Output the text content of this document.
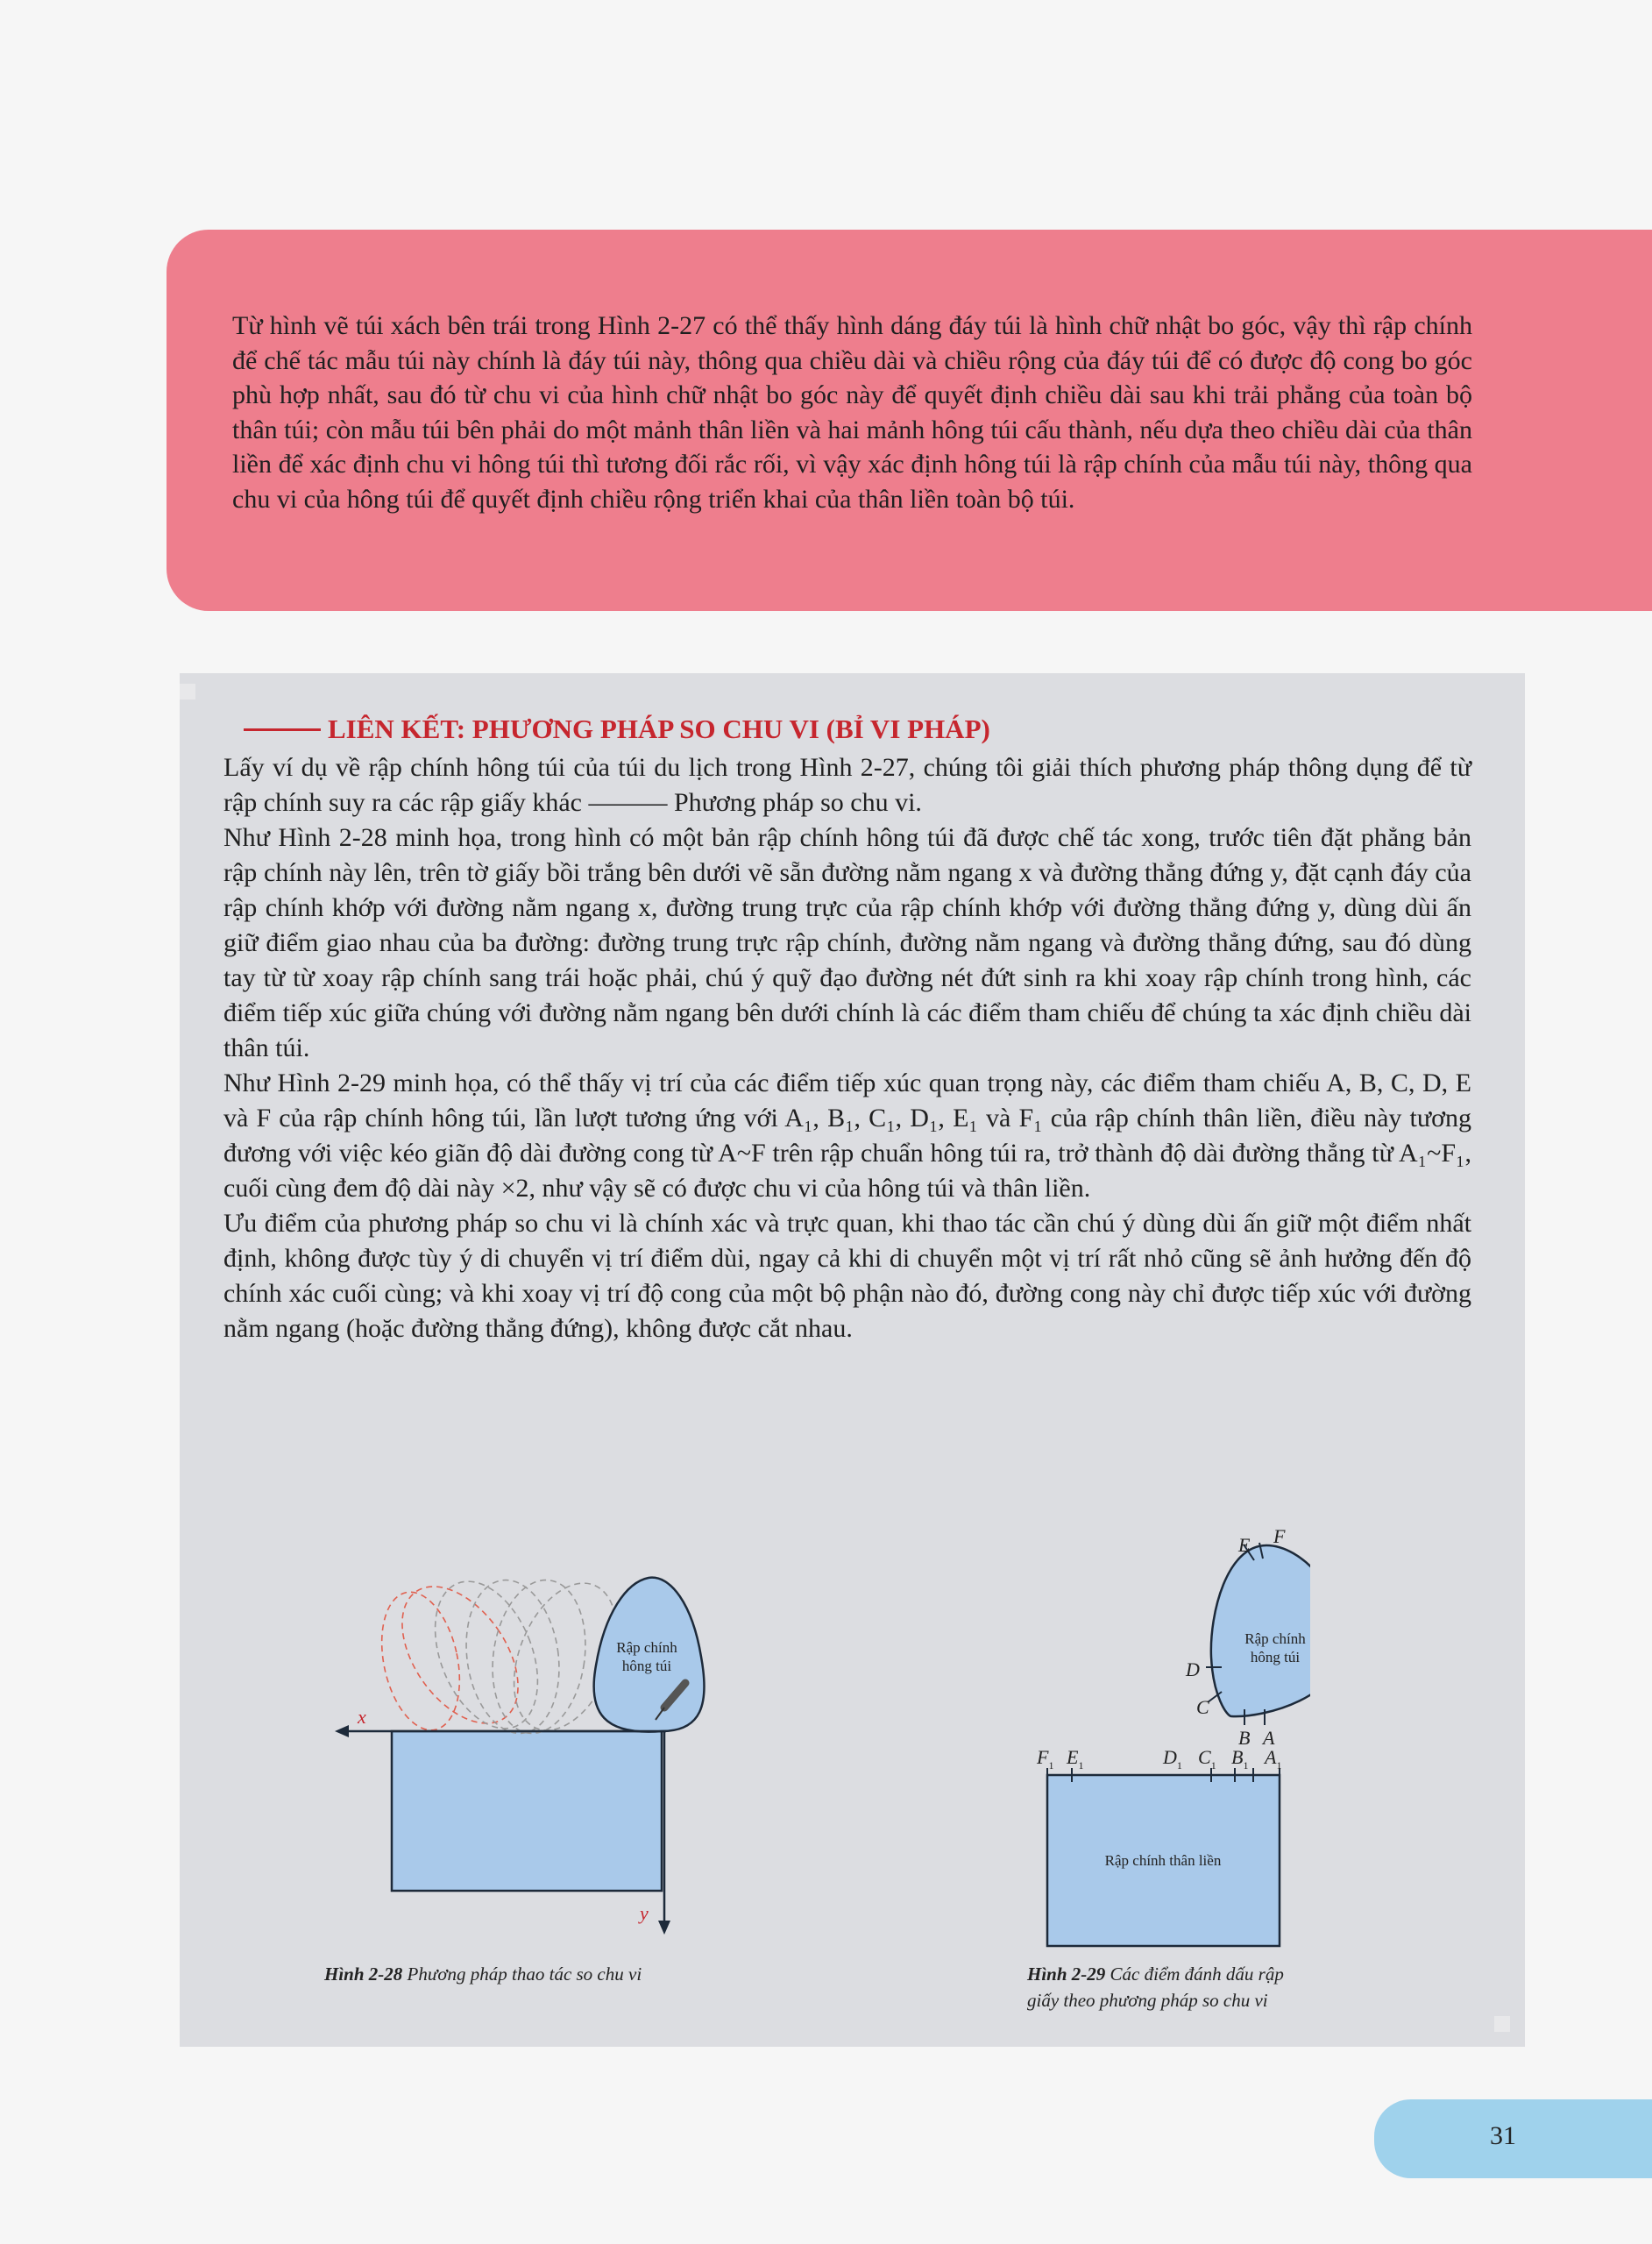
Từ hình vẽ túi xách bên trái trong Hình 2-27 có thể thấy hình dáng đáy túi là hình chữ nhật bo góc, vậy thì rập chính để chế tác mẫu túi này chính là đáy túi này, thông qua chiều dài và chiều rộng của đáy túi để có được độ cong bo góc phù hợp nhất, sau đó từ chu vi của hình chữ nhật bo góc này để quyết định chiều dài sau khi trải phẳng của toàn bộ thân túi; còn mẫu túi bên phải do một mảnh thân liền và hai mảnh hông túi cấu thành, nếu dựa theo chiều dài của thân liền để xác định chu vi hông túi thì tương đối rắc rối, vì vậy xác định hông túi là rập chính của mẫu túi này, thông qua chu vi của hông túi để quyết định chiều rộng triển khai của thân liền toàn bộ túi.

LIÊN KẾT: PHƯƠNG PHÁP SO CHU VI (BỈ VI PHÁP)

Lấy ví dụ về rập chính hông túi của túi du lịch trong Hình 2-27, chúng tôi giải thích phương pháp thông dụng để từ rập chính suy ra các rập giấy khác ——— Phương pháp so chu vi.

Như Hình 2-28 minh họa, trong hình có một bản rập chính hông túi đã được chế tác xong, trước tiên đặt phẳng bản rập chính này lên, trên tờ giấy bồi trắng bên dưới vẽ sẵn đường nằm ngang x và đường thẳng đứng y, đặt cạnh đáy của rập chính khớp với đường nằm ngang x, đường trung trực của rập chính khớp với đường thẳng đứng y, dùng dùi ấn giữ điểm giao nhau của ba đường: đường trung trực rập chính, đường nằm ngang và đường thẳng đứng, sau đó dùng tay từ từ xoay rập chính sang trái hoặc phải, chú ý quỹ đạo đường nét đứt sinh ra khi xoay rập chính trong hình, các điểm tiếp xúc giữa chúng với đường nằm ngang bên dưới chính là các điểm tham chiếu để chúng ta xác định chiều dài thân túi.

Như Hình 2-29 minh họa, có thể thấy vị trí của các điểm tiếp xúc quan trọng này, các điểm tham chiếu A, B, C, D, E và F của rập chính hông túi, lần lượt tương ứng với A₁, B₁, C₁, D₁, E₁ và F₁ của rập chính thân liền, điều này tương đương với việc kéo giãn độ dài đường cong từ A~F trên rập chuẩn hông túi ra, trở thành độ dài đường thẳng từ A₁~F₁, cuối cùng đem độ dài này ×2, như vậy sẽ có được chu vi của hông túi và thân liền.

Ưu điểm của phương pháp so chu vi là chính xác và trực quan, khi thao tác cần chú ý dùng dùi ấn giữ một điểm nhất định, không được tùy ý di chuyển vị trí điểm dùi, ngay cả khi di chuyển một vị trí rất nhỏ cũng sẽ ảnh hưởng đến độ chính xác cuối cùng; và khi xoay vị trí độ cong của một bộ phận nào đó, đường cong này chỉ được tiếp xúc với đường nằm ngang (hoặc đường thẳng đứng), không được cắt nhau.

Rập chính
hông túi
x
y
Hình 2-28 Phương pháp thao tác so chu vi
Rập chính
hông túi
B A
C
D
E F
Rập chính thân liền
$F_1$ $E_1$	$D_1$ $C_1$ $B_1$ $A_1$
Hình 2-29 Các điểm đánh dấu rập
giấy theo phương pháp so chu vi
31
